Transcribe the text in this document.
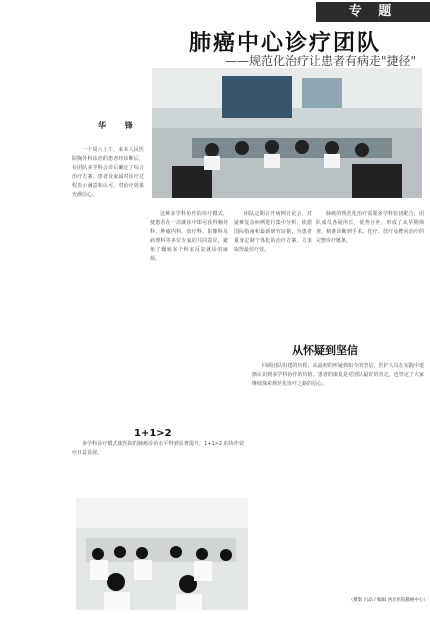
专 题
肺癌中心诊疗团队
——规范化治疗让患者有病走"捷径"
华 锋

一个周六上午，来本人民医院胸外科诊治的患者经诊断后，在团队多学科会诊后确定了综合治疗方案，患者及家属对诊疗过程表示满意和认可，对治疗效果充满信心。

这种多学科协作的诊疗模式，使患者在一次就诊中即可获得胸外科、肿瘤内科、放疗科、影像科及病理科等多位专家的共同意见，避免了辗转多个科室反复就诊的麻烦。

团队定期召开病例讨论会，对疑难复杂病例进行集中分析，依据国际指南和最新研究证据，为患者量身定制个体化的治疗方案，力求取得最佳疗效。

肺癌的规范化治疗需要多学科密切配合，团队成员各展所长，优势互补，形成了从早期筛查、精准诊断到手术、化疗、放疗及靶向治疗的完整诊疗链条。

从怀疑到坚信

回顾团队组建的历程，从最初的怀疑到如今的坚信，医护人员在实践中逐渐认识到多学科协作的价值。患者的康复是对团队最好的肯定，也坚定了大家继续探索规范化诊疗之路的信心。

1+1>2

多学科诊疗模式使医院的肺癌诊治水平得到显著提升，1+1>2 的协作效应日益显现。

（摄影 吕品 / 编辑 西京医院肺癌中心）
